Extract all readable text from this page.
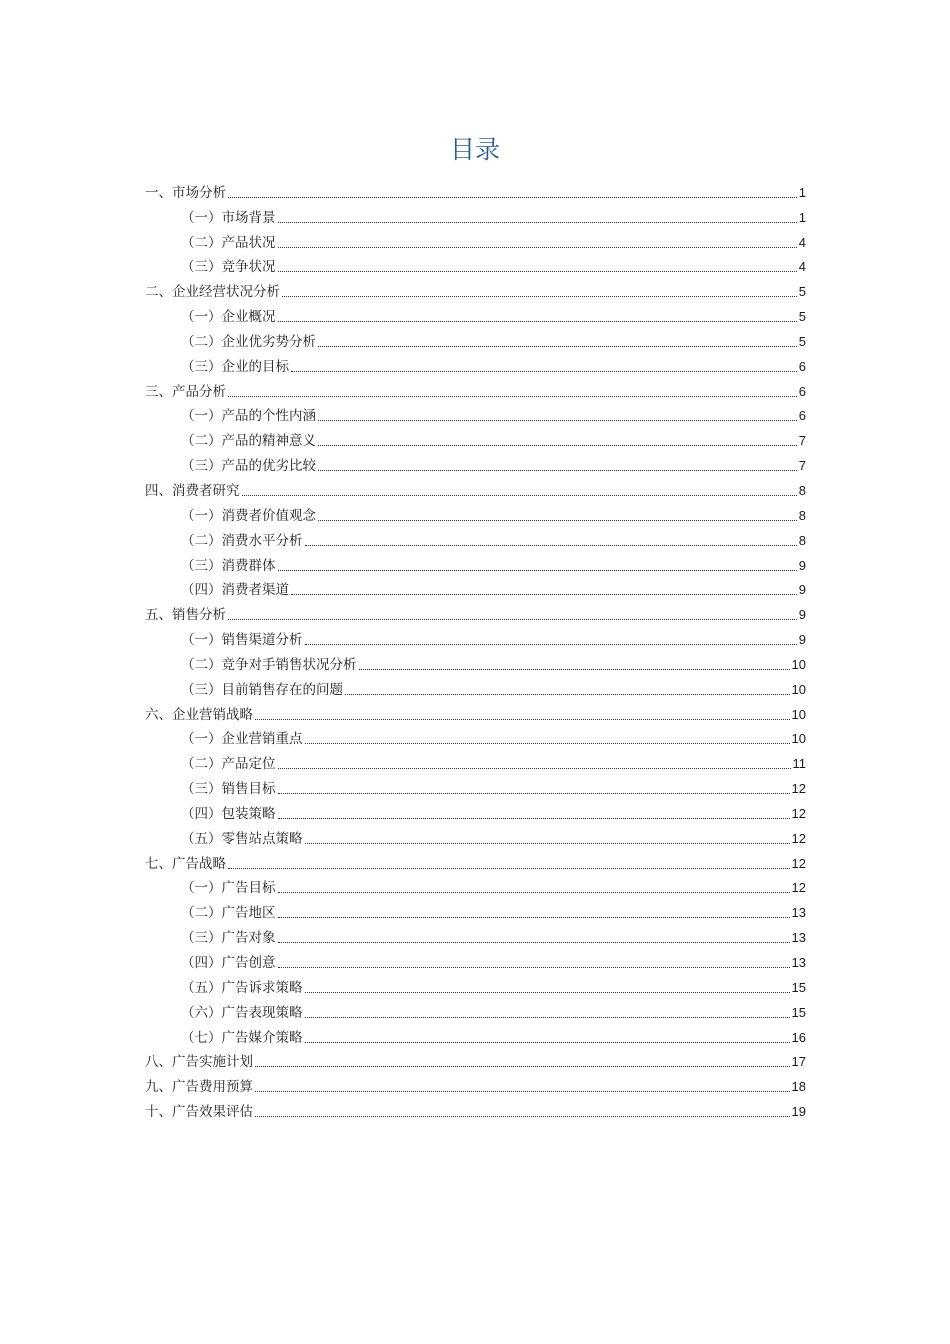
目录
一、市场分析	1
（一）市场背景	1
（二）产品状况	4
（三）竞争状况	4
二、企业经营状况分析	5
（一）企业概况	5
（二）企业优劣势分析	5
（三）企业的目标	6
三、产品分析	6
（一）产品的个性内涵	6
（二）产品的精神意义	7
（三）产品的优劣比较	7
四、消费者研究	8
（一）消费者价值观念	8
（二）消费水平分析	8
（三）消费群体	9
（四）消费者渠道	9
五、销售分析	9
（一）销售渠道分析	9
（二）竞争对手销售状况分析	10
（三）目前销售存在的问题	10
六、企业营销战略	10
（一）企业营销重点	10
（二）产品定位	11
（三）销售目标	12
（四）包装策略	12
（五）零售站点策略	12
七、广告战略	12
（一）广告目标	12
（二）广告地区	13
（三）广告对象	13
（四）广告创意	13
（五）广告诉求策略	15
（六）广告表现策略	15
（七）广告媒介策略	16
八、广告实施计划	17
九、广告费用预算	18
十、广告效果评估	19
